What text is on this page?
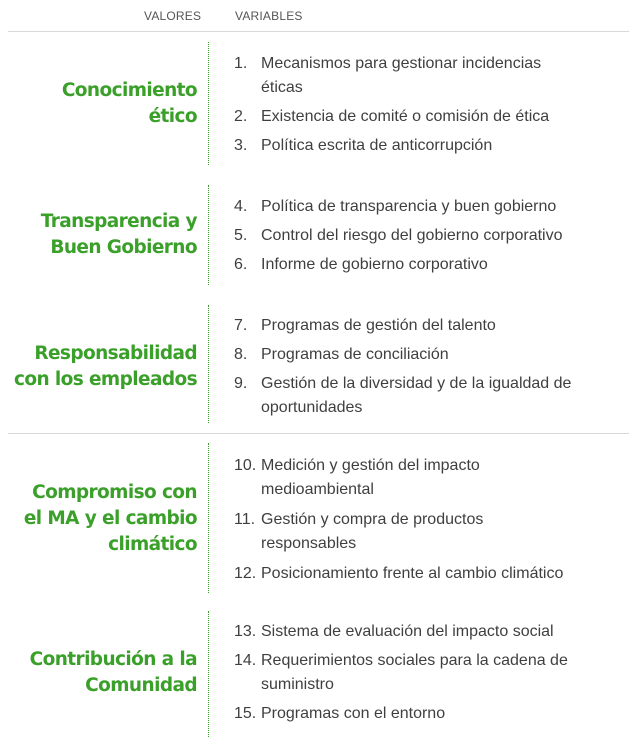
VALORES	VARIABLES
Conocimiento
ético
1. Mecanismos para gestionar incidencias
éticas
2. Existencia de comité o comisión de ética
3. Política escrita de anticorrupción
Transparencia y
Buen Gobierno
4. Política de transparencia y buen gobierno
5. Control del riesgo del gobierno corporativo
6. Informe de gobierno corporativo
Responsabilidad
con los empleados
7. Programas de gestión del talento
8. Programas de conciliación
9. Gestión de la diversidad y de la igualdad de
oportunidades
Compromiso con
el MA y el cambio
climático
10. Medición y gestión del impacto
medioambiental
11. Gestión y compra de productos
responsables
12. Posicionamiento frente al cambio climático
Contribución a la
Comunidad
13. Sistema de evaluación del impacto social
14. Requerimientos sociales para la cadena de
suministro
15. Programas con el entorno
